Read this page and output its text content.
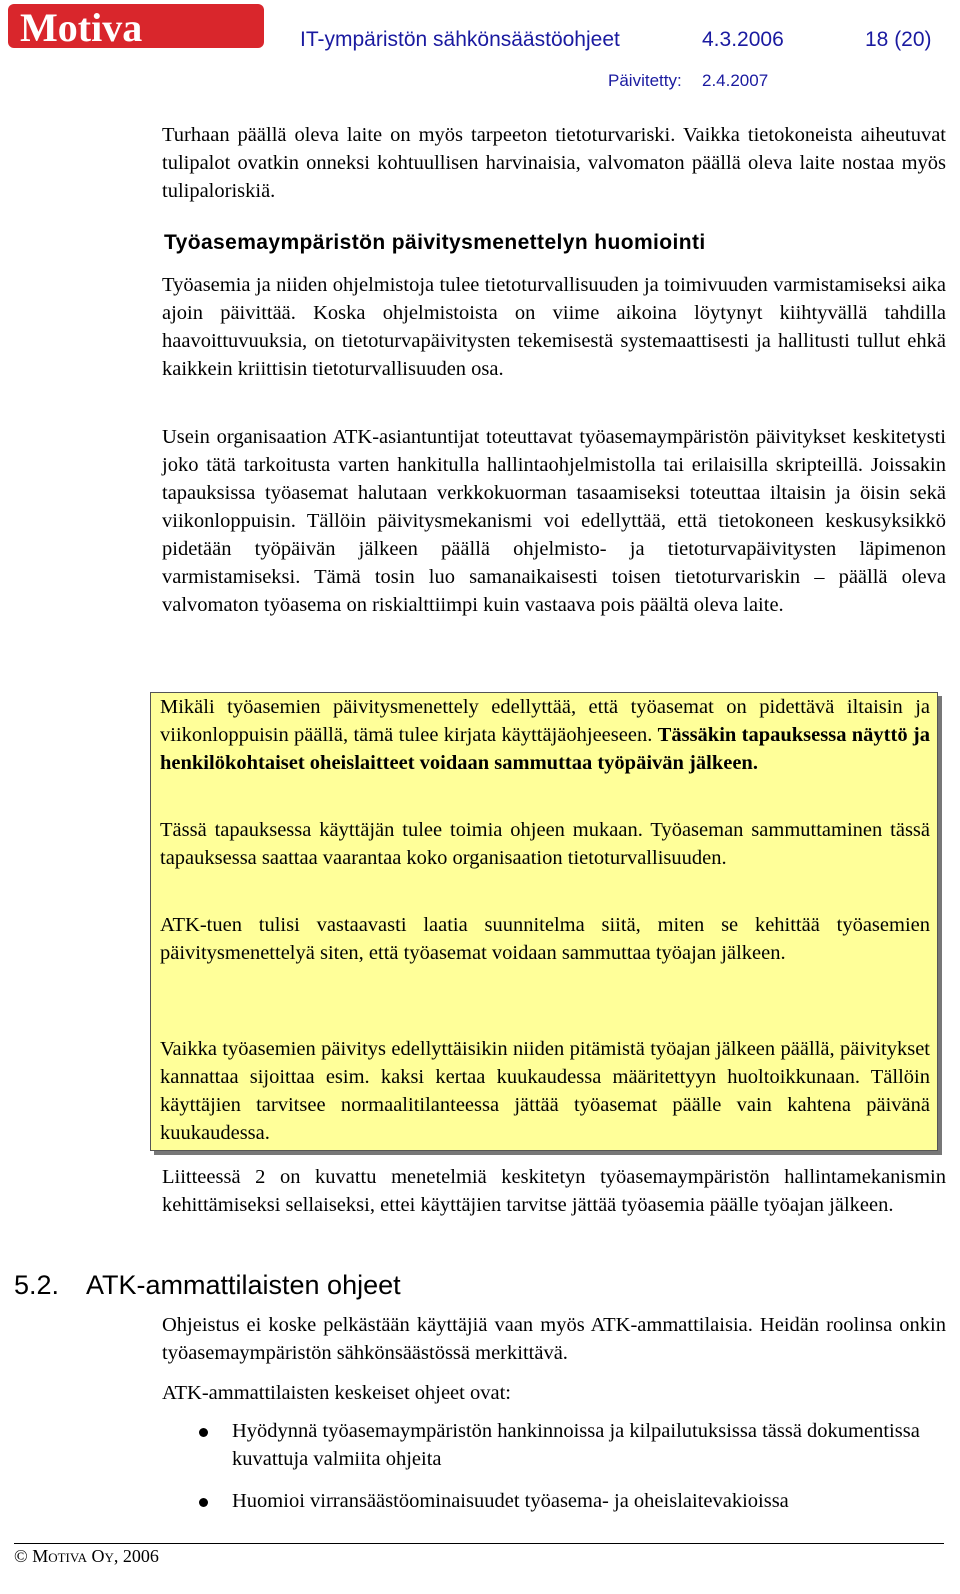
Motiva	IT-ympäristön sähkönsäästöohjeet	4.3.2006	18 (20)
Päivitetty: 2.4.2007

Turhaan päällä oleva laite on myös tarpeeton tietoturvariski. Vaikka tietokoneista aiheutuvat tulipalot ovatkin onneksi kohtuullisen harvinaisia, valvomaton päällä oleva laite nostaa myös tulipaloriskiä.

Työasemaympäristön päivitysmenettelyn huomiointi

Työasemia ja niiden ohjelmistoja tulee tietoturvallisuuden ja toimivuuden varmistamiseksi aika ajoin päivittää. Koska ohjelmistoista on viime aikoina löytynyt kiihtyvällä tahdilla haavoittuvuuksia, on tietoturvapäivitysten tekemisestä systemaattisesti ja hallitusti tullut ehkä kaikkein kriittisin tietoturvallisuuden osa.

Usein organisaation ATK-asiantuntijat toteuttavat työasemaympäristön päivitykset keskitetysti joko tätä tarkoitusta varten hankitulla hallintaohjelmistolla tai erilaisilla skripteillä. Joissakin tapauksissa työasemat halutaan verkkokuorman tasaamiseksi toteuttaa iltaisin ja öisin sekä viikonloppuisin. Tällöin päivitysmekanismi voi edellyttää, että tietokoneen keskusyksikkö pidetään työpäivän jälkeen päällä ohjelmisto- ja tietoturvapäivitysten läpimenon varmistamiseksi. Tämä tosin luo samanaikaisesti toisen tietoturvariskin – päällä oleva valvomaton työasema on riskialttiimpi kuin vastaava pois päältä oleva laite.

Mikäli työasemien päivitysmenettely edellyttää, että työasemat on pidettävä iltaisin ja viikonloppuisin päällä, tämä tulee kirjata käyttäjäohjeeseen. Tässäkin tapauksessa näyttö ja henkilökohtaiset oheislaitteet voidaan sammuttaa työpäivän jälkeen.

Tässä tapauksessa käyttäjän tulee toimia ohjeen mukaan. Työaseman sammuttaminen tässä tapauksessa saattaa vaarantaa koko organisaation tietoturvallisuuden.

ATK-tuen tulisi vastaavasti laatia suunnitelma siitä, miten se kehittää työasemien päivitysmenettelyä siten, että työasemat voidaan sammuttaa työajan jälkeen.

Vaikka työasemien päivitys edellyttäisikin niiden pitämistä työajan jälkeen päällä, päivitykset kannattaa sijoittaa esim. kaksi kertaa kuukaudessa määritettyyn huoltoikkunaan. Tällöin käyttäjien tarvitsee normaalitilanteessa jättää työasemat päälle vain kahtena päivänä kuukaudessa.

Liitteessä 2 on kuvattu menetelmiä keskitetyn työasemaympäristön hallintamekanismin kehittämiseksi sellaiseksi, ettei käyttäjien tarvitse jättää työasemia päälle työajan jälkeen.

5.2. ATK-ammattilaisten ohjeet

Ohjeistus ei koske pelkästään käyttäjiä vaan myös ATK-ammattilaisia. Heidän roolinsa onkin työasemaympäristön sähkönsäästössä merkittävä.

ATK-ammattilaisten keskeiset ohjeet ovat:

Hyödynnä työasemaympäristön hankinnoissa ja kilpailutuksissa tässä dokumentissa kuvattuja valmiita ohjeita
Huomioi virransäästöominaisuudet työasema- ja oheislaitevakioissa
© Motiva Oy, 2006
